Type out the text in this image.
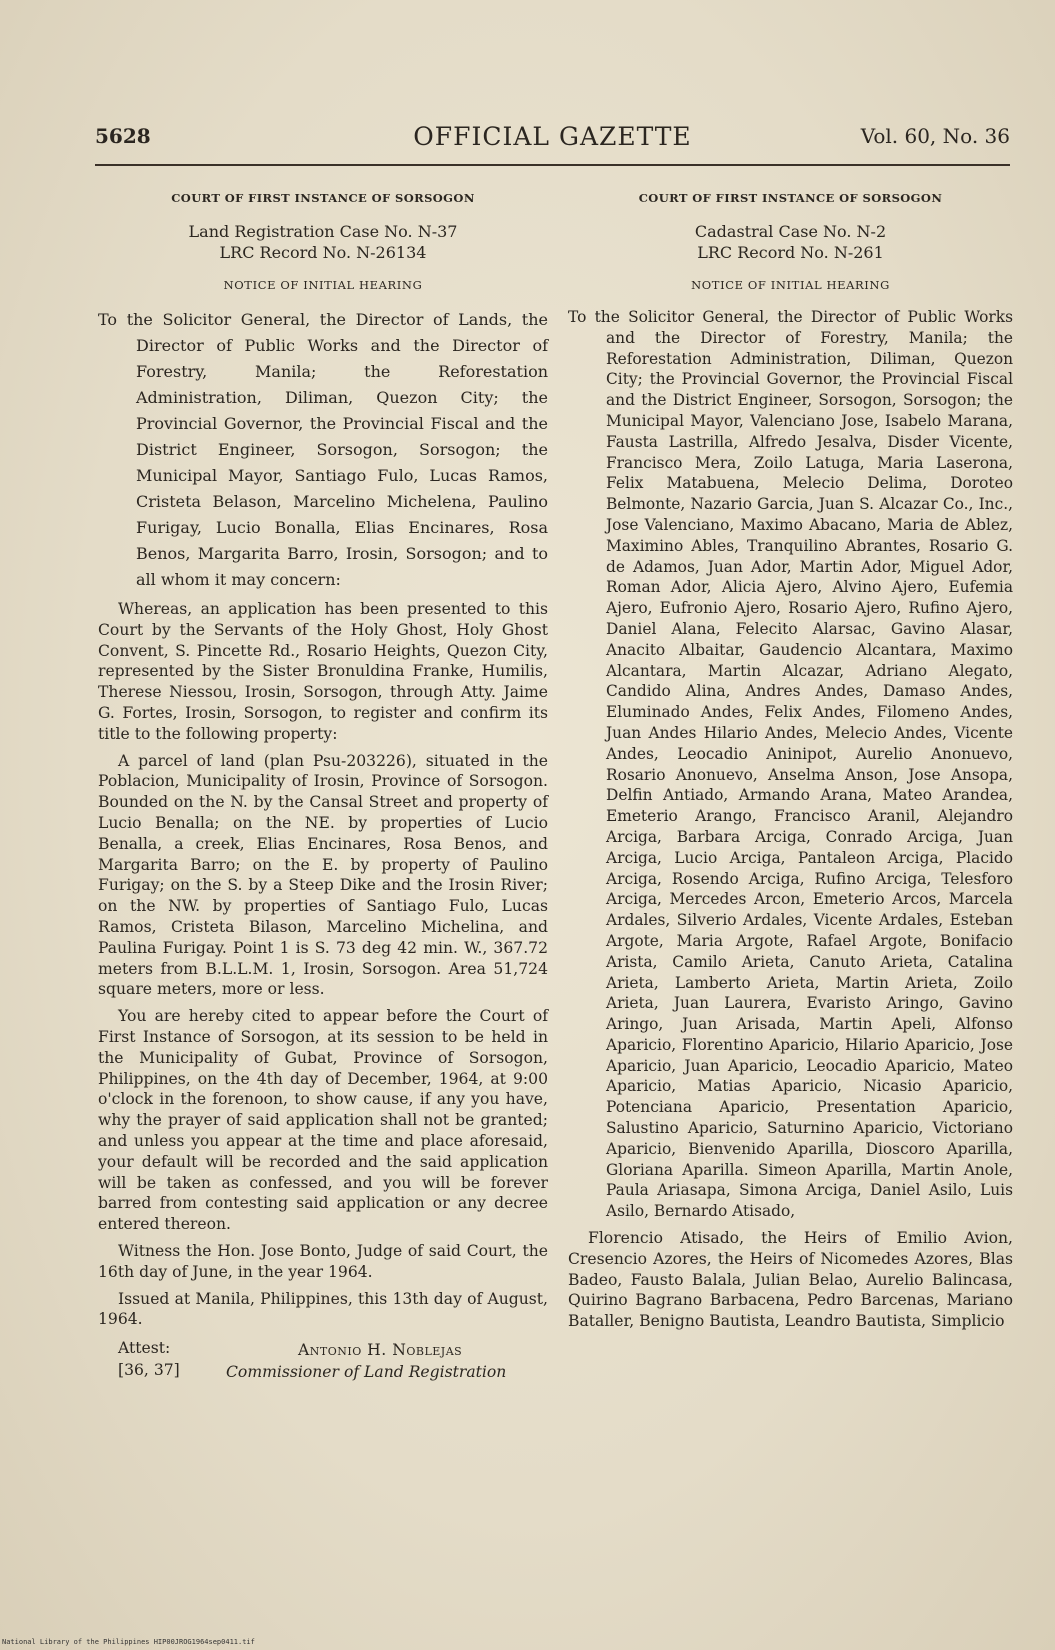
5628	OFFICIAL GAZETTE	Vol. 60, No. 36
COURT OF FIRST INSTANCE OF SORSOGON
Land Registration Case No. N-37
LRC Record No. N-26134
NOTICE OF INITIAL HEARING

To the Solicitor General, the Director of Lands, the Director of Public Works and the Director of Forestry, Manila; the Reforestation Administration, Diliman, Quezon City; the Provincial Governor, the Provincial Fiscal and the District Engineer, Sorsogon, Sorsogon; the Municipal Mayor, Santiago Fulo, Lucas Ramos, Cristeta Belason, Marcelino Michelena, Paulino Furigay, Lucio Bonalla, Elias Encinares, Rosa Benos, Margarita Barro, Irosin, Sorsogon; and to all whom it may concern:

Whereas, an application has been presented to this Court by the Servants of the Holy Ghost, Holy Ghost Convent, S. Pincette Rd., Rosario Heights, Quezon City, represented by the Sister Bronuldina Franke, Humilis, Therese Niessou, Irosin, Sorsogon, through Atty. Jaime G. Fortes, Irosin, Sorsogon, to register and confirm its title to the following property:

A parcel of land (plan Psu-203226), situated in the Poblacion, Municipality of Irosin, Province of Sorsogon. Bounded on the N. by the Cansal Street and property of Lucio Benalla; on the NE. by properties of Lucio Benalla, a creek, Elias Encinares, Rosa Benos, and Margarita Barro; on the E. by property of Paulino Furigay; on the S. by a Steep Dike and the Irosin River; on the NW. by properties of Santiago Fulo, Lucas Ramos, Cristeta Bilason, Marcelino Michelina, and Paulina Furigay. Point 1 is S. 73 deg 42 min. W., 367.72 meters from B.L.L.M. 1, Irosin, Sorsogon. Area 51,724 square meters, more or less.

You are hereby cited to appear before the Court of First Instance of Sorsogon, at its session to be held in the Municipality of Gubat, Province of Sorsogon, Philippines, on the 4th day of December, 1964, at 9:00 o'clock in the forenoon, to show cause, if any you have, why the prayer of said application shall not be granted; and unless you appear at the time and place aforesaid, your default will be recorded and the said application will be taken as confessed, and you will be forever barred from contesting said application or any decree entered thereon.

Witness the Hon. Jose Bonto, Judge of said Court, the 16th day of June, in the year 1964.

Issued at Manila, Philippines, this 13th day of August, 1964.

Attest:
[36, 37]
Antonio H. Noblejas
Commissioner of Land Registration
COURT OF FIRST INSTANCE OF SORSOGON
Cadastral Case No. N-2
LRC Record No. N-261
NOTICE OF INITIAL HEARING

To the Solicitor General, the Director of Public Works and the Director of Forestry, Manila; the Reforestation Administration, Diliman, Quezon City; the Provincial Governor, the Provincial Fiscal and the District Engineer, Sorsogon, Sorsogon; the Municipal Mayor, Valenciano Jose, Isabelo Marana, Fausta Lastrilla, Alfredo Jesalva, Disder Vicente, Francisco Mera, Zoilo Latuga, Maria Laserona, Felix Matabuena, Melecio Delima, Doroteo Belmonte, Nazario Garcia, Juan S. Alcazar Co., Inc., Jose Valenciano, Maximo Abacano, Maria de Ablez, Maximino Ables, Tranquilino Abrantes, Rosario G. de Adamos, Juan Ador, Martin Ador, Miguel Ador, Roman Ador, Alicia Ajero, Alvino Ajero, Eufemia Ajero, Eufronio Ajero, Rosario Ajero, Rufino Ajero, Daniel Alana, Felecito Alarsac, Gavino Alasar, Anacito Albaitar, Gaudencio Alcantara, Maximo Alcantara, Martin Alcazar, Adriano Alegato, Candido Alina, Andres Andes, Damaso Andes, Eluminado Andes, Felix Andes, Filomeno Andes, Juan Andes Hilario Andes, Melecio Andes, Vicente Andes, Leocadio Aninipot, Aurelio Anonuevo, Rosario Anonuevo, Anselma Anson, Jose Ansopa, Delfin Antiado, Armando Arana, Mateo Arandea, Emeterio Arango, Francisco Aranil, Alejandro Arciga, Barbara Arciga, Conrado Arciga, Juan Arciga, Lucio Arciga, Pantaleon Arciga, Placido Arciga, Rosendo Arciga, Rufino Arciga, Telesforo Arciga, Mercedes Arcon, Emeterio Arcos, Marcela Ardales, Silverio Ardales, Vicente Ardales, Esteban Argote, Maria Argote, Rafael Argote, Bonifacio Arista, Camilo Arieta, Canuto Arieta, Catalina Arieta, Lamberto Arieta, Martin Arieta, Zoilo Arieta, Juan Laurera, Evaristo Aringo, Gavino Aringo, Juan Arisada, Martin Apeli, Alfonso Aparicio, Florentino Aparicio, Hilario Aparicio, Jose Aparicio, Juan Aparicio, Leocadio Aparicio, Mateo Aparicio, Matias Aparicio, Nicasio Aparicio, Potenciana Aparicio, Presentation Aparicio, Salustino Aparicio, Saturnino Aparicio, Victoriano Aparicio, Bienvenido Aparilla, Dioscoro Aparilla, Gloriana Aparilla. Simeon Aparilla, Martin Anole, Paula Ariasapa, Simona Arciga, Daniel Asilo, Luis Asilo, Bernardo Atisado,

Florencio Atisado, the Heirs of Emilio Avion, Cresencio Azores, the Heirs of Nicomedes Azores, Blas Badeo, Fausto Balala, Julian Belao, Aurelio Balincasa, Quirino Bagrano Barbacena, Pedro Barcenas, Mariano Bataller, Benigno Bautista, Leandro Bautista, Simplicio

National Library of the Philippines HIP00JROG1964sep0411.tif
